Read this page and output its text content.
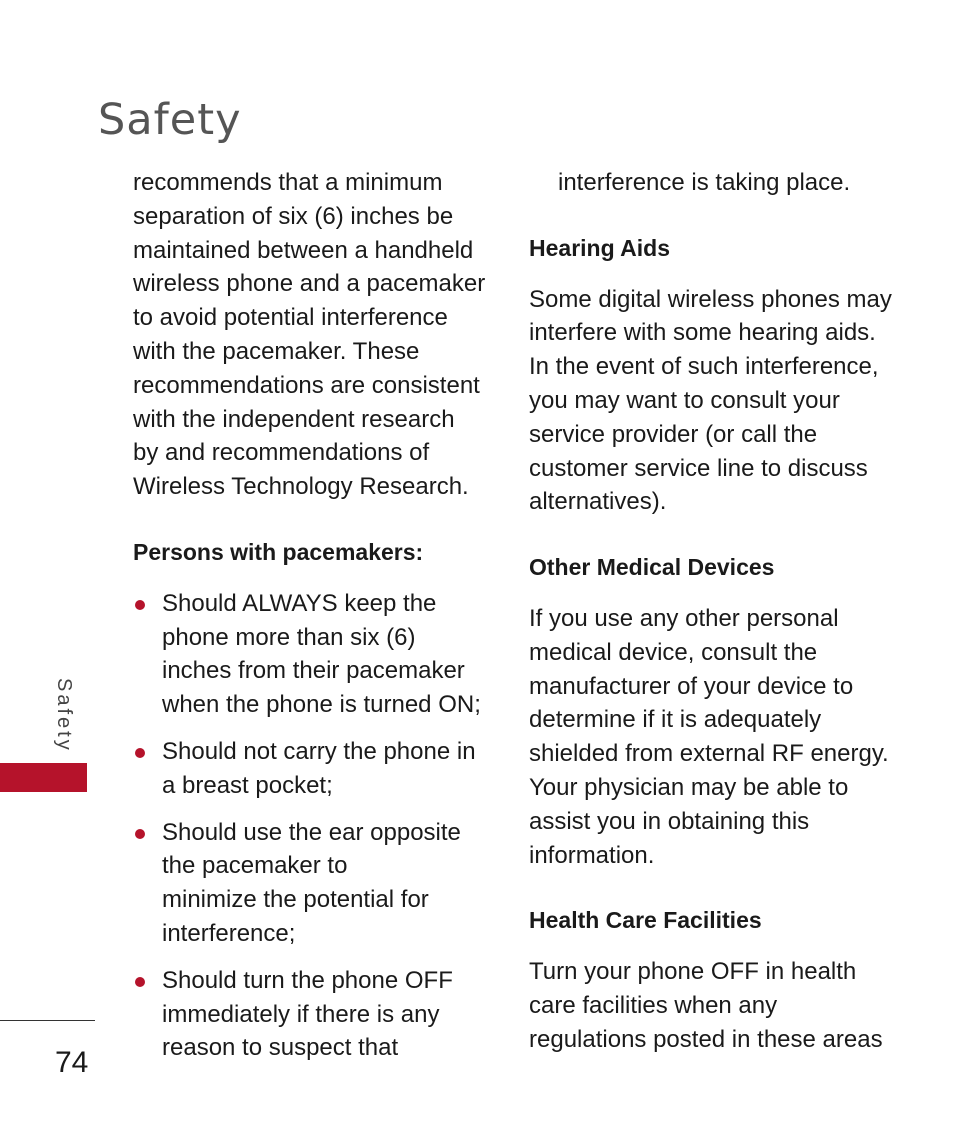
Safety

recommends that a minimum

separation of six (6) inches be

maintained between a handheld

wireless phone and a pacemaker

to avoid potential interference

with the pacemaker. These

recommendations are consistent

with the independent research

by and recommendations of

Wireless Technology Research.

Persons with pacemakers:

Should ALWAYS keep the

phone more than six (6)

inches from their pacemaker

when the phone is turned ON;

Should not carry the phone in

a breast pocket;

Should use the ear opposite

the pacemaker to

minimize the potential for

interference;

Should turn the phone OFF

immediately if there is any

reason to suspect that

interference is taking place.

Hearing Aids

Some digital wireless phones may

interfere with some hearing aids.

In the event of such interference,

you may want to consult your

service provider (or call the

customer service line to discuss

alternatives).

Other Medical Devices

If you use any other personal

medical device, consult the

manufacturer of your device to

determine if it is adequately

shielded from external RF energy.

Your physician may be able to

assist you in obtaining this

information.

Health Care Facilities

Turn your phone OFF in health

care facilities when any

regulations posted in these areas

Safety
74
